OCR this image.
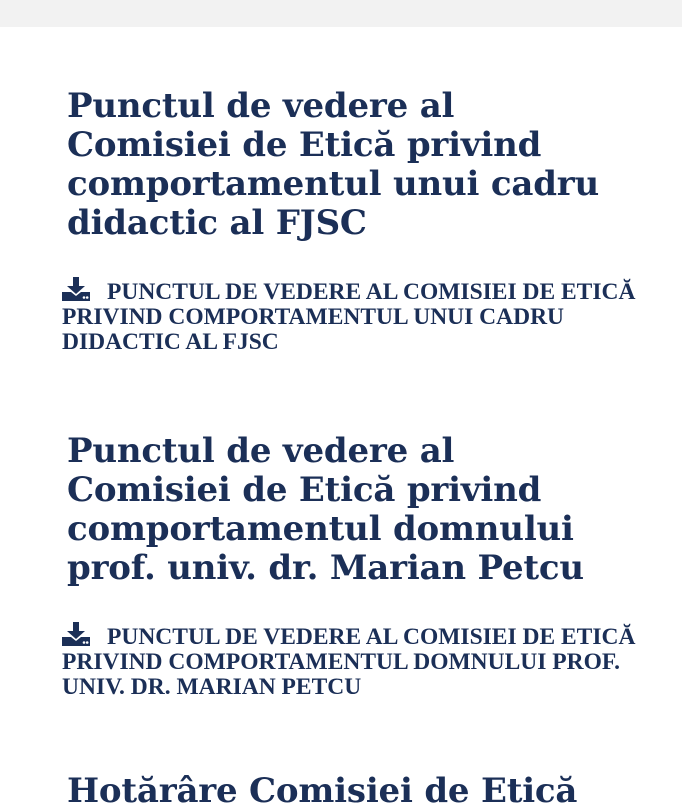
Punctul de vedere al Comisiei de Etică privind comportamentul unui cadru didactic al FJSC
PUNCTUL DE VEDERE AL COMISIEI DE ETICĂ PRIVIND COMPORTAMENTUL UNUI CADRU DIDACTIC AL FJSC
Punctul de vedere al Comisiei de Etică privind comportamentul domnului prof. univ. dr. Marian Petcu
PUNCTUL DE VEDERE AL COMISIEI DE ETICĂ PRIVIND COMPORTAMENTUL DOMNULUI PROF. UNIV. DR. MARIAN PETCU
Hotărâre Comisiei de Etică
